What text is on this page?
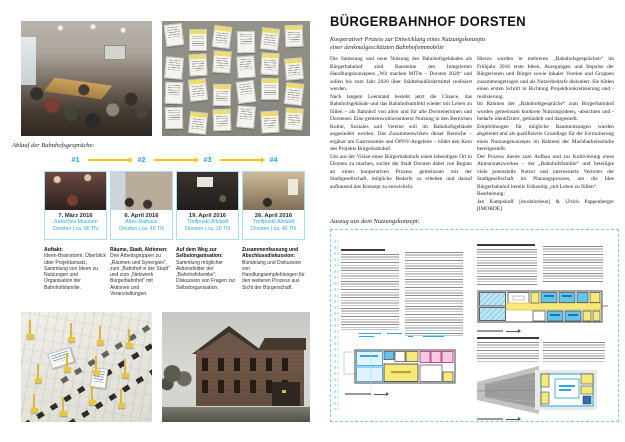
Ablauf der Bahnhofsgespräche:
#1	#2	#3	#4
7. März 2016
Jüdisches Museum
Dorsten | ca. 65 TN
6. April 2016
Altes Rathaus
Dorsten | ca. 40 TN
19. April 2016
Treffpunkt Altstadt
Dorsten | ca. 20 TN
26. April 2016
Treffpunkt Altstadt
Dorsten | ca. 45 TN
Auftakt:
Ideen-Brainstorm, Überblick über Projektansatz, Sammlung von Ideen zu Nutzungen und Organisation der Bahnhofsfamilie.
Räume, Stadt, Aktionen:
Drei Arbeitsgruppen zu „Räumen und Synergien“, zum „Bahnhof in der Stadt“ und zum „Netzwerk Bürgerbahnhof“ mit Aktionen und Veranstaltungen.
Auf dem Weg zur Selbstorganisation:
Sammlung möglicher Aktionsfelder der „Bahnhofsfamilie“; Diskussion von Fragen zur Selbstorganisation.
Zusammenfassung und Abschlussdiskussion:
Bündelung und Diskussion von Handlungsempfehlungen für den weiteren Prozess aus Sicht der Bürgerschaft.
BÜRGERBAHNHOF DORSTEN
Kooperativer Prozess zur Entwicklung eines Nutzungskonzepts
einer denkmalgeschützten Bahnhofsimmobilie

Die Sanierung und neue Nutzung des Bahnhofsgebäudes als Bürgerbahnhof sind Bausteine des Integrierten Handlungskonzeptes „Wir machen MITte – Dorsten 2020“ und sollen bis zum Jahr 2020 über Städtebaufördermittel realisiert werden.

Nach langem Leerstand besteht jetzt die Chance, das Bahnhofsgebäude und das Bahnhofsumfeld wieder mit Leben zu füllen – als Bahnhof von allen und für alle Dorstenerinnen und Dorstener. Eine gemeinwohlorientierte Nutzung in den Bereichen Kultur, Soziales und Vereine soll im Bahnhofsgebäude angesiedelt werden. Das Zusammenwirken dieser Bereiche – ergänzt um Gastronomie und ÖPNV-Angebote – bildet den Kern des Projekts Bürgerbahnhof.

Um aus der Vision eines Bürgerbahnhofs einen lebendigen Ort in Dorsten zu machen, suchte die Stadt Dorsten dabei von Beginn an einen kooperativen Prozess gemeinsam mit der Stadtgesellschaft, mögliche Bedarfe zu erheben und darauf aufbauend das Konzept zu entwickeln.

Hierzu wurden in mehreren „Bahnhofsgesprächen“ im Frühjahr 2016 erste Ideen, Anregungen und Impulse der Bürgerinnen und Bürger sowie lokaler Vereine und Gruppen zusammengetragen und als Nutzerbedarfe diskutiert. Sie bilden einen ersten Schritt in Richtung Projektkonkretisierung und -realisierung.

Im Rahmen der „Bahnhofsgespräche“ zum Bürgerbahnhof wurden gemeinsam konkrete Nutzungsideen, -absichten und -bedarfe identifiziert, gebündelt und dargestellt.

Empfehlungen für mögliche Raumnutzungen wurden abgeleitet und als qualifizierte Grundlage für die Formulierung eines Nutzungskonzepts im Rahmen der Machbarkeitsstudie bereitgestellt.

Der Prozess diente zum Aufbau und zur Kultivierung eines Akteursnetzwerkes – der „Bahnhofsfamilie“ und beteiligte viele potenzielle Nutzer und interessierte Vertreter der Stadtgesellschaft im Planungsprozess, um die Idee Bürgerbahnhof bereits frühzeitig „mit Leben zu füllen“.

Bearbeitung:
Jan Kampshoff [modulorbeat] & Ulrich Pappenberger [IMORDE]

Auszug aus dem Nutzungskonzept:
